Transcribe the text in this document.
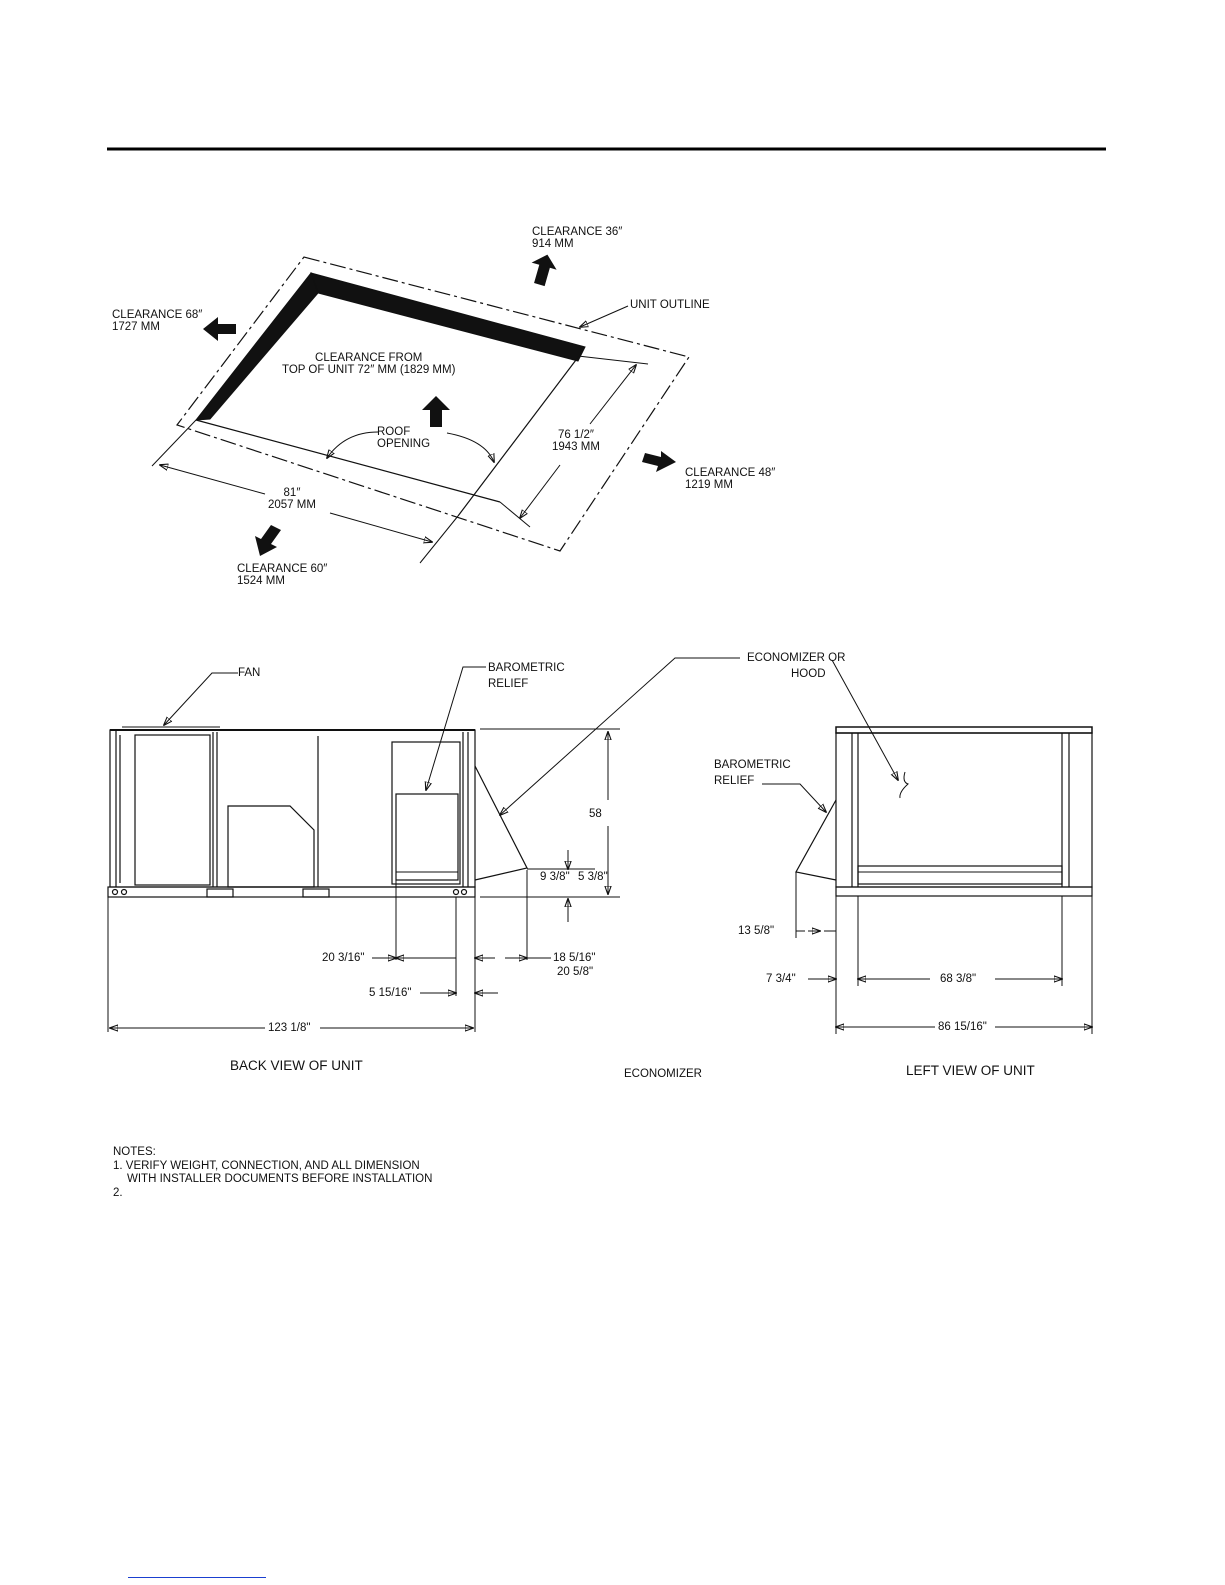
CLEARANCE 36″
914 MM
CLEARANCE 68″
1727 MM
UNIT OUTLINE
CLEARANCE FROM
TOP OF UNIT 72″ MM (1829 MM)
ROOF
OPENING
76 1/2″
1943 MM
CLEARANCE 48″
1219 MM
81″
2057 MM
CLEARANCE 60″
1524 MM
FAN	BAROMETRIC
RELIEF
ECONOMIZER OR
HOOD
58
9 3/8" 5 3/8"
20 3/16"	18 5/16"
20 5/8"
5 15/16"
123 1/8"
BACK VIEW OF UNIT
ECONOMIZER
BAROMETRIC
RELIEF
13 5/8"
7 3/4"	68 3/8"
86 15/16"
LEFT VIEW OF UNIT
NOTES:
1. VERIFY WEIGHT, CONNECTION, AND ALL DIMENSION
WITH INSTALLER DOCUMENTS BEFORE INSTALLATION
2.
